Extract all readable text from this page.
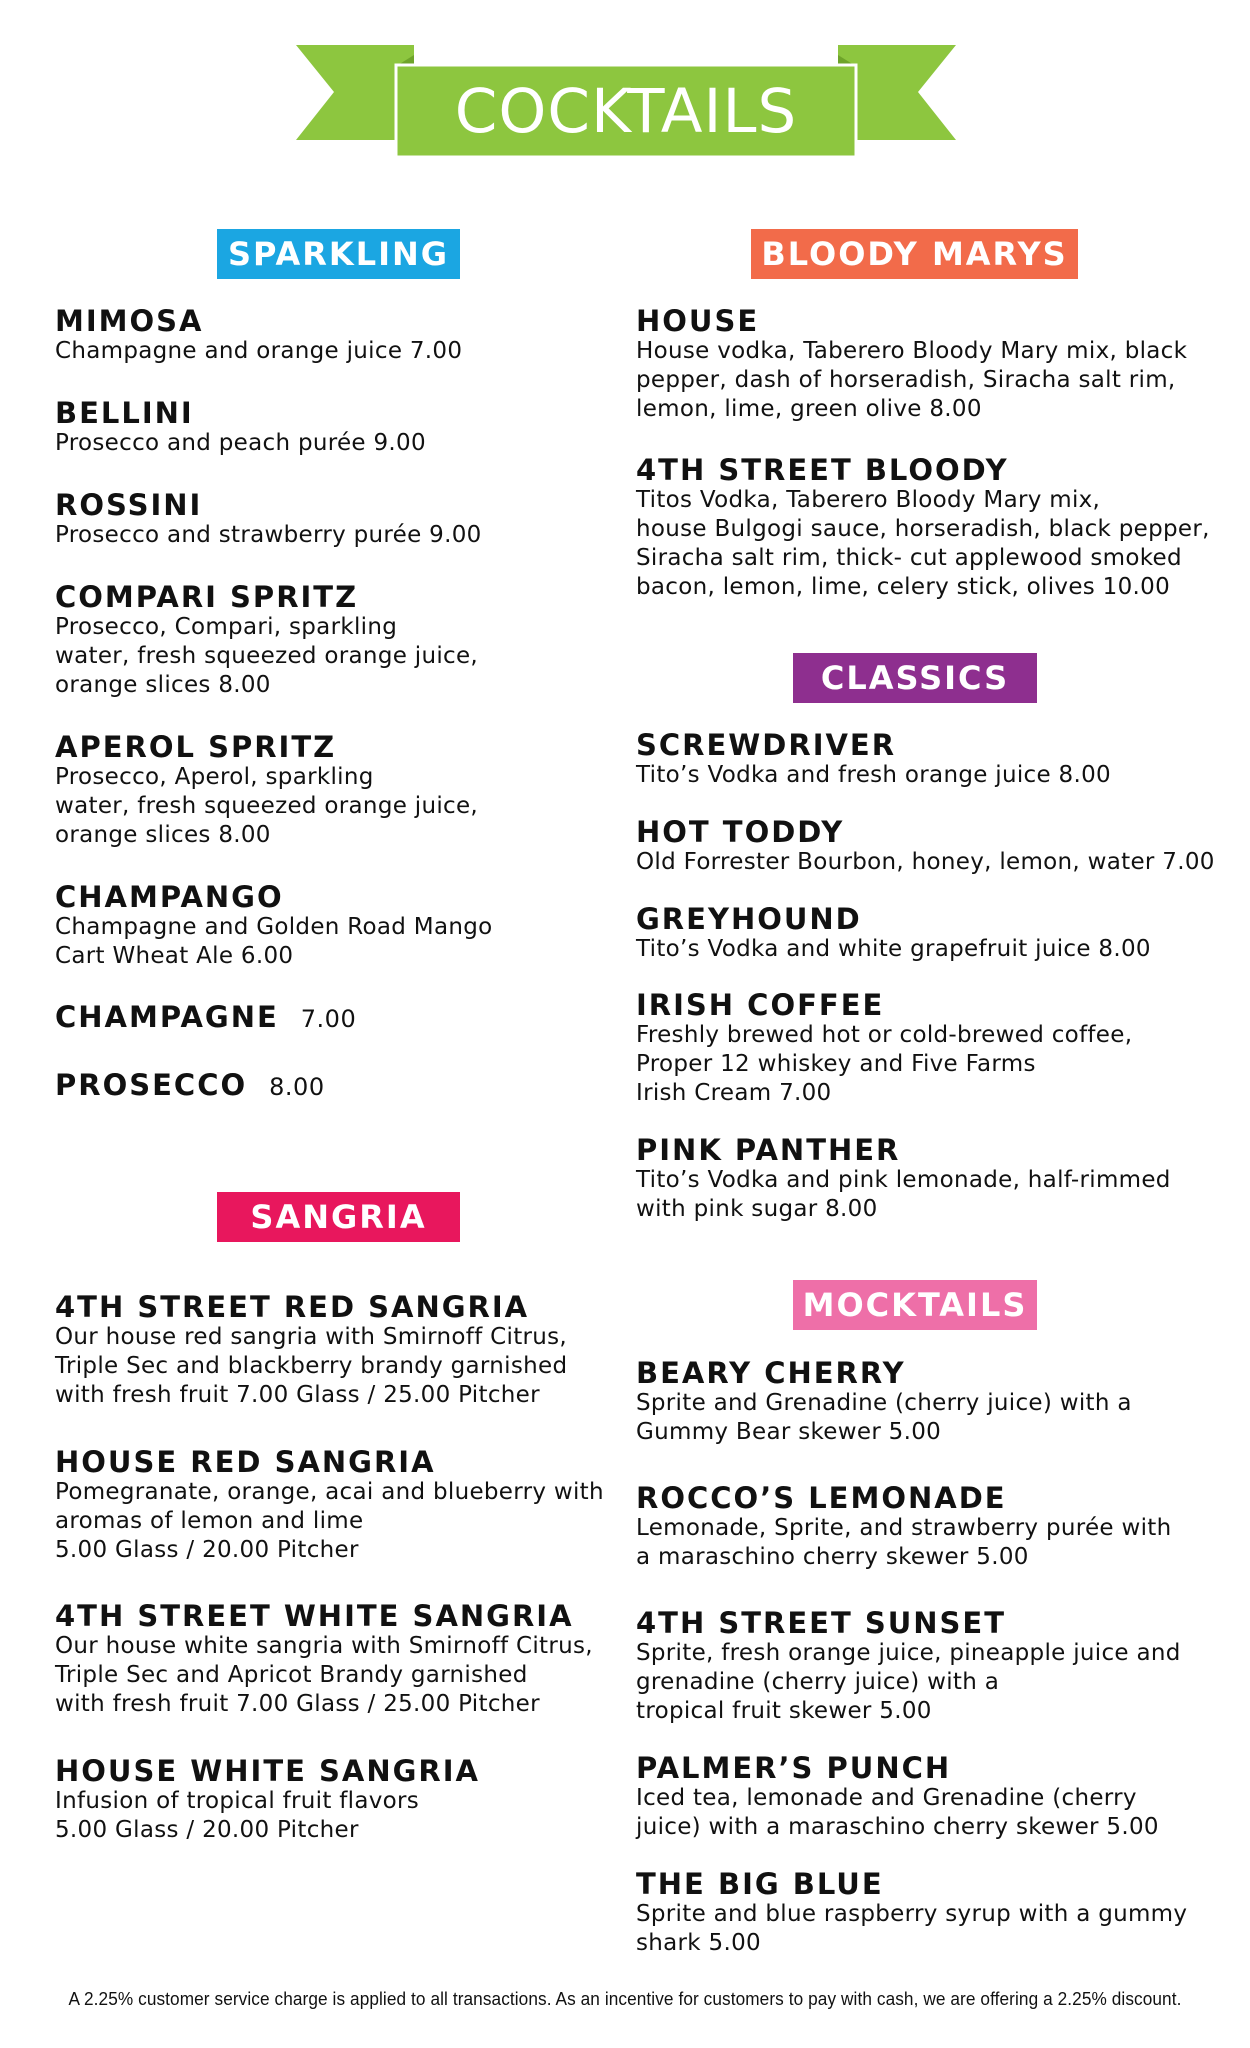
COCKTAILS
SPARKLING	BLOODY MARYS
CLASSICS
SANGRIA
MOCKTAILS
MIMOSA
Champagne and orange juice 7.00
BELLINI
Prosecco and peach purée 9.00
ROSSINI
Prosecco and strawberry purée 9.00
COMPARI SPRITZ
Prosecco, Compari, sparkling
water, fresh squeezed orange juice,
orange slices 8.00
APEROL SPRITZ
Prosecco, Aperol, sparkling
water, fresh squeezed orange juice,
orange slices 8.00
CHAMPANGO
Champagne and Golden Road Mango
Cart Wheat Ale 6.00
CHAMPAGNE 7.00
PROSECCO 8.00
4TH STREET RED SANGRIA
Our house red sangria with Smirnoff Citrus,
Triple Sec and blackberry brandy garnished
with fresh fruit 7.00 Glass / 25.00 Pitcher
HOUSE RED SANGRIA
Pomegranate, orange, acai and blueberry with
aromas of lemon and lime
5.00 Glass / 20.00 Pitcher
4TH STREET WHITE SANGRIA
Our house white sangria with Smirnoff Citrus,
Triple Sec and Apricot Brandy garnished
with fresh fruit 7.00 Glass / 25.00 Pitcher
HOUSE WHITE SANGRIA
Infusion of tropical fruit flavors
5.00 Glass / 20.00 Pitcher
HOUSE
House vodka, Taberero Bloody Mary mix, black
pepper, dash of horseradish, Siracha salt rim,
lemon, lime, green olive 8.00
4TH STREET BLOODY
Titos Vodka, Taberero Bloody Mary mix,
house Bulgogi sauce, horseradish, black pepper,
Siracha salt rim, thick- cut applewood smoked
bacon, lemon, lime, celery stick, olives 10.00
SCREWDRIVER
Tito’s Vodka and fresh orange juice 8.00
HOT TODDY
Old Forrester Bourbon, honey, lemon, water 7.00
GREYHOUND
Tito’s Vodka and white grapefruit juice 8.00
IRISH COFFEE
Freshly brewed hot or cold-brewed coffee,
Proper 12 whiskey and Five Farms
Irish Cream 7.00
PINK PANTHER
Tito’s Vodka and pink lemonade, half-rimmed
with pink sugar 8.00
BEARY CHERRY
Sprite and Grenadine (cherry juice) with a
Gummy Bear skewer 5.00
ROCCO’S LEMONADE
Lemonade, Sprite, and strawberry purée with
a maraschino cherry skewer 5.00
4TH STREET SUNSET
Sprite, fresh orange juice, pineapple juice and
grenadine (cherry juice) with a
tropical fruit skewer 5.00
PALMER’S PUNCH
Iced tea, lemonade and Grenadine (cherry
juice) with a maraschino cherry skewer 5.00
THE BIG BLUE
Sprite and blue raspberry syrup with a gummy
shark 5.00
A 2.25% customer service charge is applied to all transactions. As an incentive for customers to pay with cash, we are offering a 2.25% discount.
